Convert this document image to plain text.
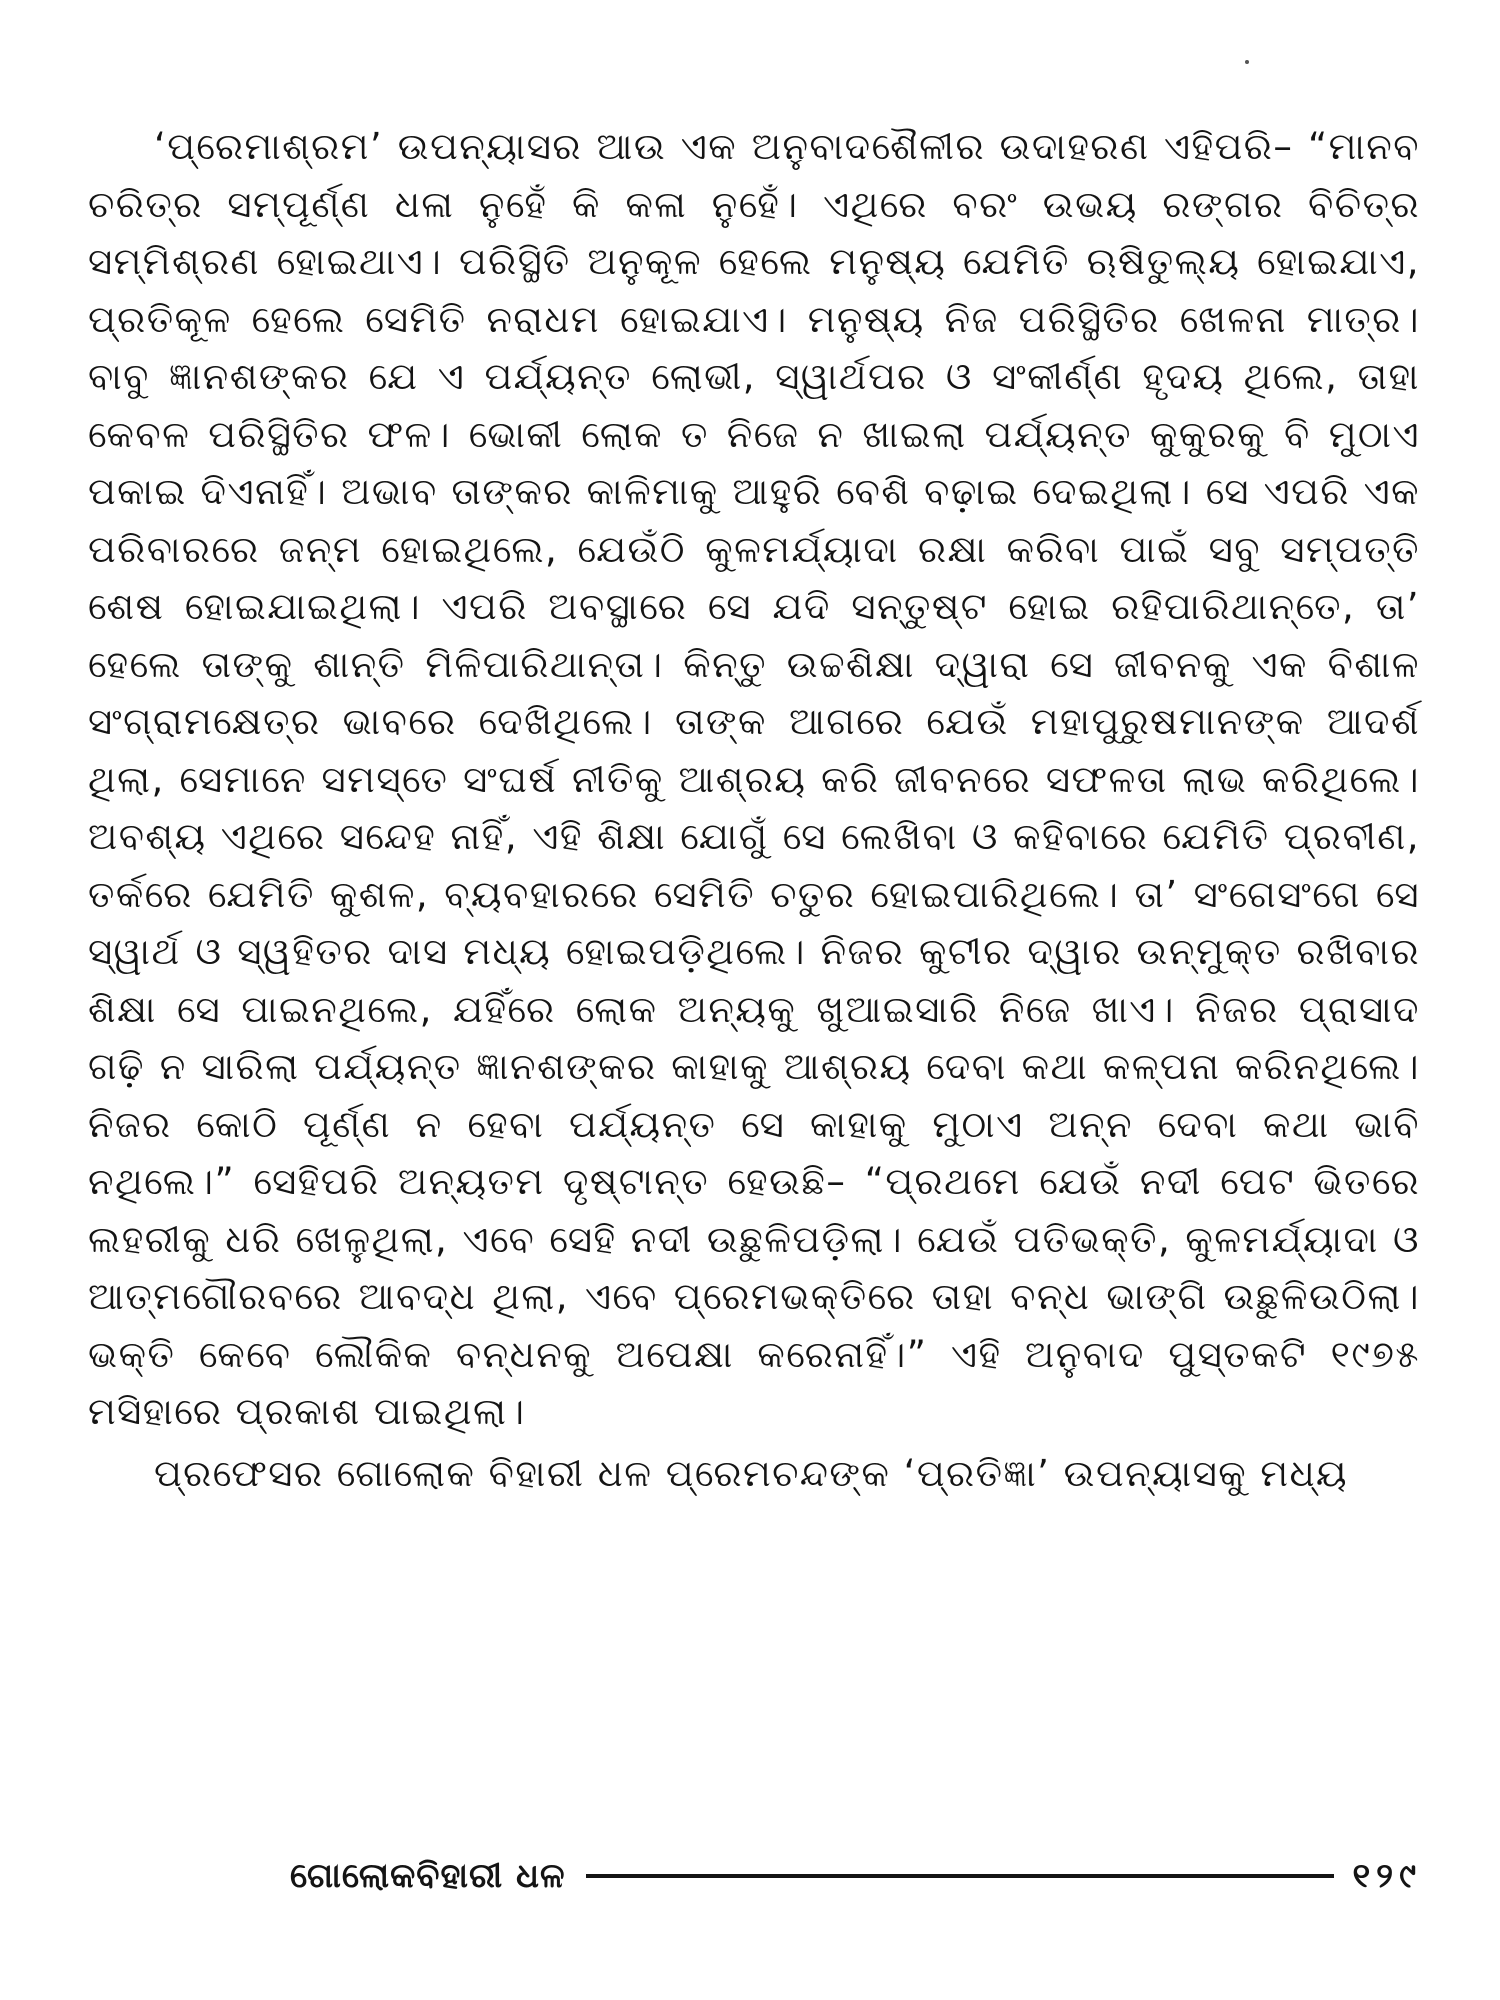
‘ପ୍ରେମାଶ୍ରମ’ ଉପନ୍ୟାସର ଆଉ ଏକ ଅନୁବାଦଶୈଳୀର ଉଦାହରଣ ଏହିପରି– “ମାନବ ଚରିତ୍ର ସମ୍ପୂର୍ଣ୍ଣ ଧଳା ନୁହେଁ କି କଳା ନୁହେଁ। ଏଥିରେ ବରଂ ଉଭୟ ରଙ୍ଗର ବିଚିତ୍ର ସମ୍ମିଶ୍ରଣ ହୋଇଥାଏ। ପରିସ୍ଥିତି ଅନୁକୂଳ ହେଲେ ମନୁଷ୍ୟ ଯେମିତି ଋଷିତୁଲ୍ୟ ହୋଇଯାଏ, ପ୍ରତିକୂଳ ହେଲେ ସେମିତି ନରାଧମ ହୋଇଯାଏ। ମନୁଷ୍ୟ ନିଜ ପରିସ୍ଥିତିର ଖେଳନା ମାତ୍ର। ବାବୁ ଜ୍ଞାନଶଙ୍କର ଯେ ଏ ପର୍ଯ୍ୟନ୍ତ ଲୋଭୀ, ସ୍ୱାର୍ଥପର ଓ ସଂକୀର୍ଣ୍ଣ ହୃଦୟ ଥିଲେ, ତାହା କେବଳ ପରିସ୍ଥିତିର ଫଳ। ଭୋକୀ ଲୋକ ତ ନିଜେ ନ ଖାଇଲା ପର୍ଯ୍ୟନ୍ତ କୁକୁରକୁ ବି ମୁଠାଏ ପକାଇ ଦିଏନାହିଁ। ଅଭାବ ତାଙ୍କର କାଳିମାକୁ ଆହୁରି ବେଶି ବଢ଼ାଇ ଦେଇଥିଲା। ସେ ଏପରି ଏକ ପରିବାରରେ ଜନ୍ମ ହୋଇଥିଲେ, ଯେଉଁଠି କୁଳମର୍ଯ୍ୟାଦା ରକ୍ଷା କରିବା ପାଇଁ ସବୁ ସମ୍ପତ୍ତି ଶେଷ ହୋଇଯାଇଥିଲା। ଏପରି ଅବସ୍ଥାରେ ସେ ଯଦି ସନ୍ତୁଷ୍ଟ ହୋଇ ରହିପାରିଥାନ୍ତେ, ତା’ ହେଲେ ତାଙ୍କୁ ଶାନ୍ତି ମିଳିପାରିଥାନ୍ତା। କିନ୍ତୁ ଉଚ୍ଚଶିକ୍ଷା ଦ୍ୱାରା ସେ ଜୀବନକୁ ଏକ ବିଶାଳ ସଂଗ୍ରାମକ୍ଷେତ୍ର ଭାବରେ ଦେଖିଥିଲେ। ତାଙ୍କ ଆଗରେ ଯେଉଁ ମହାପୁରୁଷମାନଙ୍କ ଆଦର୍ଶ ଥିଲା, ସେମାନେ ସମସ୍ତେ ସଂଘର୍ଷ ନୀତିକୁ ଆଶ୍ରୟ କରି ଜୀବନରେ ସଫଳତା ଲାଭ କରିଥିଲେ। ଅବଶ୍ୟ ଏଥିରେ ସନ୍ଦେହ ନାହିଁ, ଏହି ଶିକ୍ଷା ଯୋଗୁଁ ସେ ଲେଖିବା ଓ କହିବାରେ ଯେମିତି ପ୍ରବୀଣ, ତର୍କରେ ଯେମିତି କୁଶଳ, ବ୍ୟବହାରରେ ସେମିତି ଚତୁର ହୋଇପାରିଥିଲେ। ତା’ ସଂଗେସଂଗେ ସେ ସ୍ୱାର୍ଥ ଓ ସ୍ୱହିତର ଦାସ ମଧ୍ୟ ହୋଇପଡ଼ିଥିଲେ। ନିଜର କୁଟୀର ଦ୍ୱାର ଉନ୍ମୁକ୍ତ ରଖିବାର ଶିକ୍ଷା ସେ ପାଇନଥିଲେ, ଯହିଁରେ ଲୋକ ଅନ୍ୟକୁ ଖୁଆଇସାରି ନିଜେ ଖାଏ। ନିଜର ପ୍ରାସାଦ ଗଢ଼ି ନ ସାରିଲା ପର୍ଯ୍ୟନ୍ତ ଜ୍ଞାନଶଙ୍କର କାହାକୁ ଆଶ୍ରୟ ଦେବା କଥା କଳ୍ପନା କରିନଥିଲେ। ନିଜର କୋଠି ପୂର୍ଣ୍ଣ ନ ହେବା ପର୍ଯ୍ୟନ୍ତ ସେ କାହାକୁ ମୁଠାଏ ଅନ୍ନ ଦେବା କଥା ଭାବି ନଥିଲେ।” ସେହିପରି ଅନ୍ୟତମ ଦୃଷ୍ଟାନ୍ତ ହେଉଛି– “ପ୍ରଥମେ ଯେଉଁ ନଦୀ ପେଟ ଭିତରେ ଲହରୀକୁ ଧରି ଖେଳୁଥିଲା, ଏବେ ସେହି ନଦୀ ଉଛୁଳିପଡ଼ିଲା। ଯେଉଁ ପତିଭକ୍ତି, କୁଳମର୍ଯ୍ୟାଦା ଓ ଆତ୍ମଗୌରବରେ ଆବଦ୍ଧ ଥିଲା, ଏବେ ପ୍ରେମଭକ୍ତିରେ ତାହା ବନ୍ଧ ଭାଙ୍ଗି ଉଛୁଳିଉଠିଲା। ଭକ୍ତି କେବେ ଲୌକିକ ବନ୍ଧନକୁ ଅପେକ୍ଷା କରେନାହିଁ।” ଏହି ଅନୁବାଦ ପୁସ୍ତକଟି ୧୯୭୫ ମସିହାରେ ପ୍ରକାଶ ପାଇଥିଲା।

ପ୍ରଫେସର ଗୋଲୋକ ବିହାରୀ ଧଳ ପ୍ରେମଚନ୍ଦଙ୍କ ‘ପ୍ରତିଜ୍ଞା’ ଉପନ୍ୟାସକୁ ମଧ୍ୟ

ଗୋଲୋକବିହାରୀ ଧଳ	୧୨୯
